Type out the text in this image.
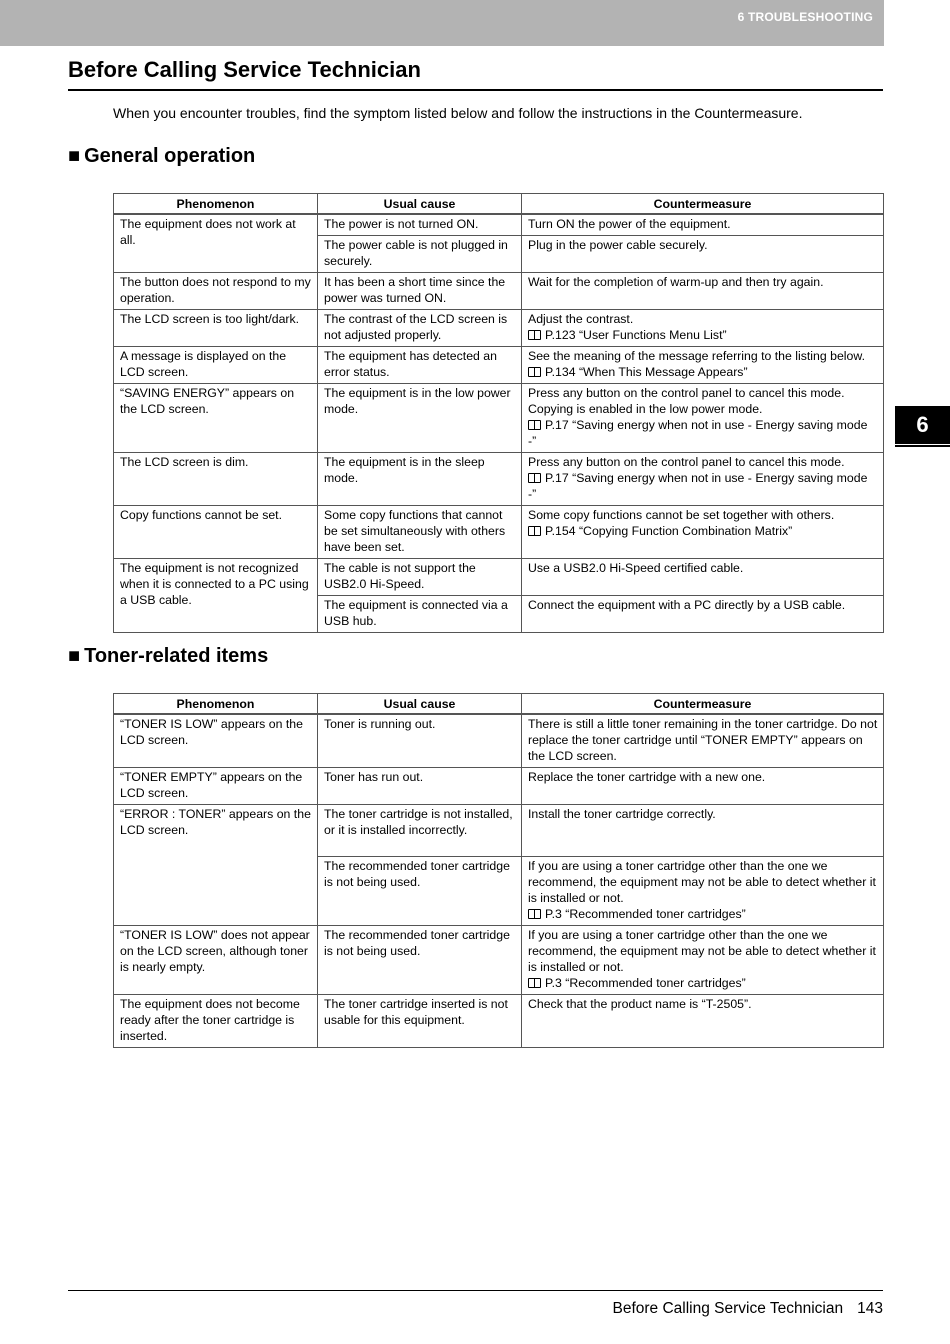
6 TROUBLESHOOTING
Before Calling Service Technician
When you encounter troubles, find the symptom listed below and follow the instructions in the Countermeasure.
6
■ General operation
Phenomenon	Usual cause	Countermeasure
The equipment does not work at all.	The power is not turned ON.	Turn ON the power of the equipment.
	The power cable is not plugged in securely.	Plug in the power cable securely.
The button does not respond to my operation.	It has been a short time since the power was turned ON.	Wait for the completion of warm-up and then try again.
The LCD screen is too light/dark.	The contrast of the LCD screen is not adjusted properly.	Adjust the contrast.
P.123 “User Functions Menu List”

A message is displayed on the LCD screen.	The equipment has detected an error status.	See the meaning of the message referring to the listing below.
P.134 “When This Message Appears”

“SAVING ENERGY” appears on the LCD screen.	The equipment is in the low power mode.	Press any button on the control panel to cancel this mode. Copying is enabled in the low power mode.
P.17 “Saving energy when not in use - Energy saving mode -”

The LCD screen is dim.	The equipment is in the sleep mode.	Press any button on the control panel to cancel this mode.
P.17 “Saving energy when not in use - Energy saving mode -”

Copy functions cannot be set.	Some copy functions that cannot be set simultaneously with others have been set.	Some copy functions cannot be set together with others.
P.154 “Copying Function Combination Matrix”

The equipment is not recognized when it is connected to a PC using a USB cable.	The cable is not support the USB2.0 Hi-Speed.	Use a USB2.0 Hi-Speed certified cable.
	The equipment is connected via a USB hub.	Connect the equipment with a PC directly by a USB cable.
■ Toner-related items
Phenomenon	Usual cause	Countermeasure
“TONER IS LOW” appears on the LCD screen.	Toner is running out.	There is still a little toner remaining in the toner cartridge. Do not replace the toner cartridge until “TONER EMPTY” appears on the LCD screen.
“TONER EMPTY” appears on the LCD screen.	Toner has run out.	Replace the toner cartridge with a new one.
“ERROR : TONER” appears on the LCD screen.	The toner cartridge is not installed, or it is installed incorrectly.	Install the toner cartridge correctly.
	The recommended toner cartridge is not being used.	If you are using a toner cartridge other than the one we recommend, the equipment may not be able to detect whether it is installed or not.
P.3 “Recommended toner cartridges”

“TONER IS LOW” does not appear on the LCD screen, although toner is nearly empty.	The recommended toner cartridge is not being used.	If you are using a toner cartridge other than the one we recommend, the equipment may not be able to detect whether it is installed or not.
P.3 “Recommended toner cartridges”

The equipment does not become ready after the toner cartridge is inserted.	The toner cartridge inserted is not usable for this equipment.	Check that the product name is “T-2505”.
Before Calling Service Technician 143
